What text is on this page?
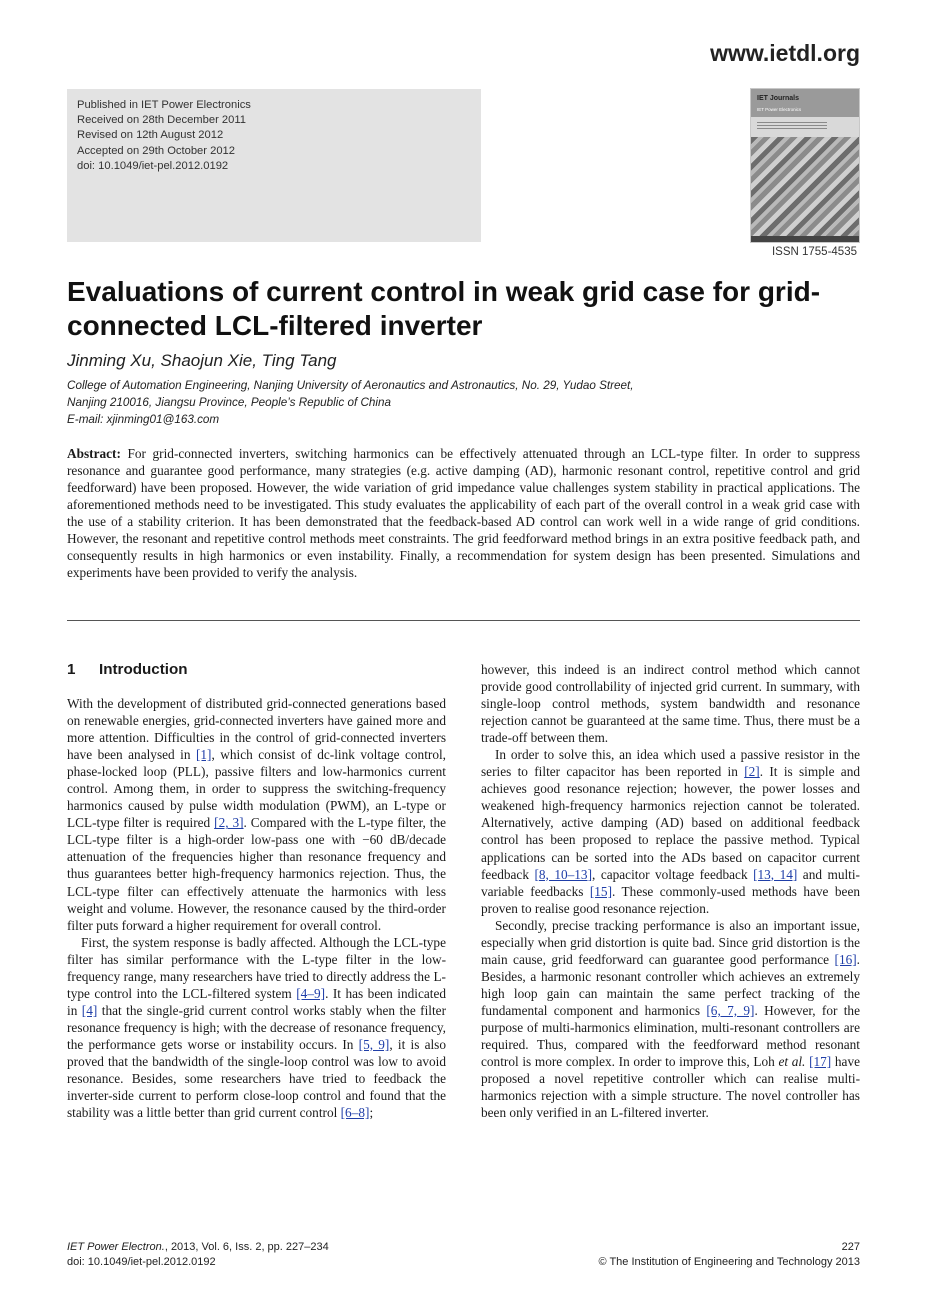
www.ietdl.org
Published in IET Power Electronics
Received on 28th December 2011
Revised on 12th August 2012
Accepted on 29th October 2012
doi: 10.1049/iet-pel.2012.0192
IET Journals
IET Power Electronics
ISSN 1755-4535
Evaluations of current control in weak grid case for grid-connected LCL-filtered inverter
Jinming Xu, Shaojun Xie, Ting Tang
College of Automation Engineering, Nanjing University of Aeronautics and Astronautics, No. 29, Yudao Street,
Nanjing 210016, Jiangsu Province, People’s Republic of China
E-mail: xjinming01@163.com

Abstract: For grid-connected inverters, switching harmonics can be effectively attenuated through an LCL-type filter. In order to suppress resonance and guarantee good performance, many strategies (e.g. active damping (AD), harmonic resonant control, repetitive control and grid feedforward) have been proposed. However, the wide variation of grid impedance value challenges system stability in practical applications. The aforementioned methods need to be investigated. This study evaluates the applicability of each part of the overall control in a weak grid case with the use of a stability criterion. It has been demonstrated that the feedback-based AD control can work well in a wide range of grid conditions. However, the resonant and repetitive control methods meet constraints. The grid feedforward method brings in an extra positive feedback path, and consequently results in high harmonics or even instability. Finally, a recommendation for system design has been presented. Simulations and experiments have been provided to verify the analysis.

1 Introduction

With the development of distributed grid-connected generations based on renewable energies, grid-connected inverters have gained more and more attention. Difficulties in the control of grid-connected inverters have been analysed in [1], which consist of dc-link voltage control, phase-locked loop (PLL), passive filters and low-harmonics current control. Among them, in order to suppress the switching-frequency harmonics caused by pulse width modulation (PWM), an L-type or LCL-type filter is required [2, 3]. Compared with the L-type filter, the LCL-type filter is a high-order low-pass one with −60 dB/decade attenuation of the frequencies higher than resonance frequency and thus guarantees better high-frequency harmonics rejection. Thus, the LCL-type filter can effectively attenuate the harmonics with less weight and volume. However, the resonance caused by the third-order filter puts forward a higher requirement for overall control.

First, the system response is badly affected. Although the LCL-type filter has similar performance with the L-type filter in the low-frequency range, many researchers have tried to directly address the L-type control into the LCL-filtered system [4–9]. It has been indicated in [4] that the single-grid current control works stably when the filter resonance frequency is high; with the decrease of resonance frequency, the performance gets worse or instability occurs. In [5, 9], it is also proved that the bandwidth of the single-loop control was low to avoid resonance. Besides, some researchers have tried to feedback the inverter-side current to perform close-loop control and found that the stability was a little better than grid current control [6–8];

however, this indeed is an indirect control method which cannot provide good controllability of injected grid current. In summary, with single-loop control methods, system bandwidth and resonance rejection cannot be guaranteed at the same time. Thus, there must be a trade-off between them.

In order to solve this, an idea which used a passive resistor in the series to filter capacitor has been reported in [2]. It is simple and achieves good resonance rejection; however, the power losses and weakened high-frequency harmonics rejection cannot be tolerated. Alternatively, active damping (AD) based on additional feedback control has been proposed to replace the passive method. Typical applications can be sorted into the ADs based on capacitor current feedback [8, 10–13], capacitor voltage feedback [13, 14] and multi-variable feedbacks [15]. These commonly-used methods have been proven to realise good resonance rejection.

Secondly, precise tracking performance is also an important issue, especially when grid distortion is quite bad. Since grid distortion is the main cause, grid feedforward can guarantee good performance [16]. Besides, a harmonic resonant controller which achieves an extremely high loop gain can maintain the same perfect tracking of the fundamental component and harmonics [6, 7, 9]. However, for the purpose of multi-harmonics elimination, multi-resonant controllers are required. Thus, compared with the feedforward method resonant control is more complex. In order to improve this, Loh et al. [17] have proposed a novel repetitive controller which can realise multi-harmonics rejection with a simple structure. The novel controller has been only verified in an L-filtered inverter.

IET Power Electron., 2013, Vol. 6, Iss. 2, pp. 227–234
doi: 10.1049/iet-pel.2012.0192
227
© The Institution of Engineering and Technology 2013
